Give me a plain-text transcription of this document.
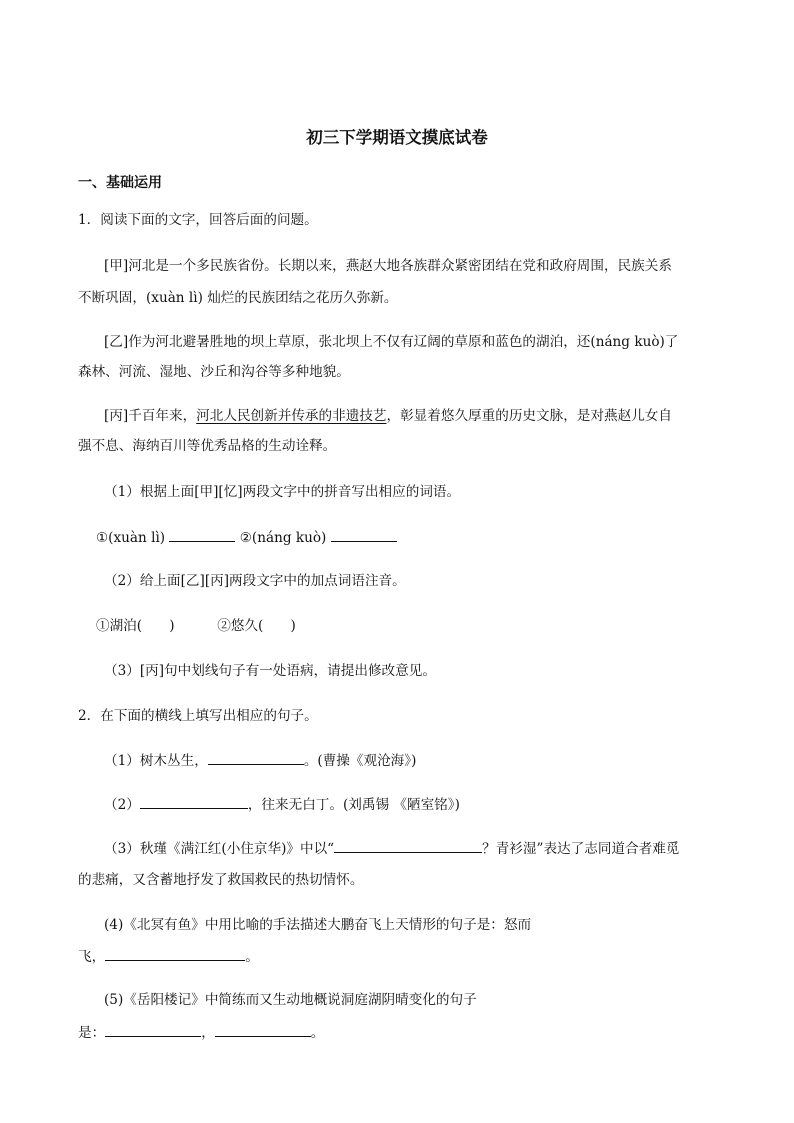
初三下学期语文摸底试卷
一、基础运用
1．阅读下面的文字，回答后面的问题。
[甲]河北是一个多民族省份。长期以来，燕赵大地各族群众紧密团结在党和政府周围，民族关系
不断巩固，(xuàn lì) 灿烂的民族团结之花历久弥新。
[乙]作为河北避暑胜地的坝上草原，张北坝上不仅有辽阔的草原和蓝色的湖泊，还(náng kuò)了
森林、河流、湿地、沙丘和沟谷等多种地貌。
[丙]千百年来，河北人民创新并传承的非遗技艺，彰显着悠久厚重的历史文脉，是对燕赵儿女自
强不息、海纳百川等优秀品格的生动诠释。
（1）根据上面[甲][忆]两段文字中的拼音写出相应的词语。
①(xuàn lì)	②(náng kuò)
（2）给上面[乙][丙]两段文字中的加点词语注音。
①湖泊(　　)	②悠久(　　)
（3）[丙]句中划线句子有一处语病，请提出修改意见。
2．在下面的横线上填写出相应的句子。
（1）树木丛生，	。(曹操《观沧海》)
（2）	，往来无白丁。(刘禹锡 《陋室铭》)
（3）秋瑾《满江红(小住京华)》中以“	？青衫湿”表达了志同道合者难觅
的悲痛，又含蓄地抒发了救国救民的热切情怀。
(4)《北冥有鱼》中用比喻的手法描述大鹏奋飞上天情形的句子是：怒而
飞，	。
(5)《岳阳楼记》中简练而又生动地概说洞庭湖阴晴变化的句子
是：	，	。
